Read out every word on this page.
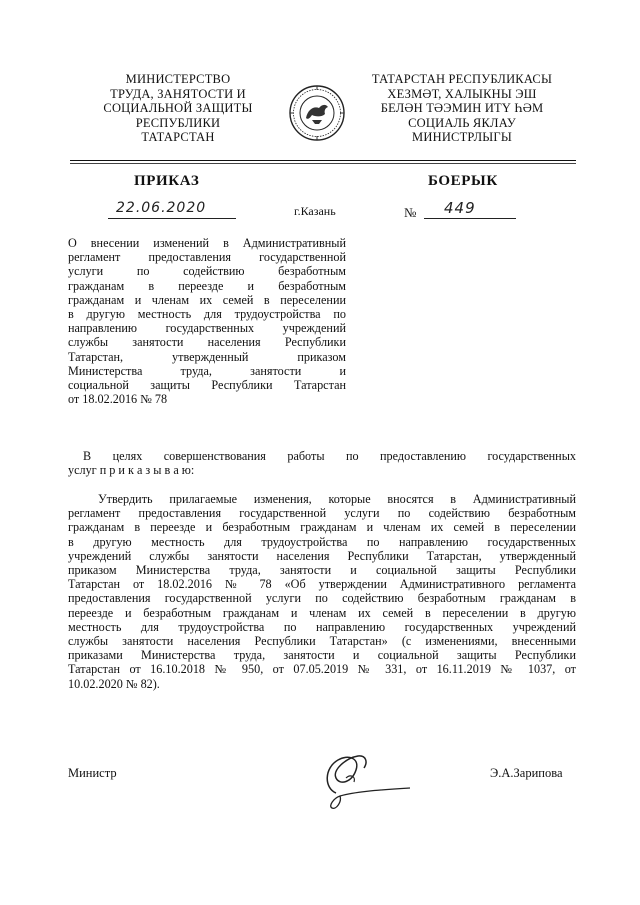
МИНИСТЕРСТВО
ТРУДА, ЗАНЯТОСТИ И
СОЦИАЛЬНОЙ ЗАЩИТЫ
РЕСПУБЛИКИ
ТАТАРСТАН
ТАТАРСТАН РЕСПУБЛИКАСЫ
ХЕЗМӘТ, ХАЛЫКНЫ ЭШ
БЕЛӘН ТӘЭМИН ИТҮ ҺӘМ
СОЦИАЛЬ ЯКЛАУ
МИНИСТРЛЫГЫ
ПРИКАЗ	БОЕРЫК
22.06.2020	г.Казань	№ 449
О внесении изменений в Административный
регламент предоставления государственной
услуги по содействию безработным
гражданам в переезде и безработным
гражданам и членам их семей в переселении
в другую местность для трудоустройства по
направлению государственных учреждений
службы занятости населения Республики
Татарстан, утвержденный приказом
Министерства труда, занятости и
социальной защиты Республики Татарстан
от 18.02.2016 № 78
В целях совершенствования работы по предоставлению государственных
услуг п р и к а з ы в а ю:
Утвердить прилагаемые изменения, которые вносятся в Административный
регламент предоставления государственной услуги по содействию безработным
гражданам в переезде и безработным гражданам и членам их семей в переселении
в другую местность для трудоустройства по направлению государственных
учреждений службы занятости населения Республики Татарстан, утвержденный
приказом Министерства труда, занятости и социальной защиты Республики
Татарстан от 18.02.2016 № 78 «Об утверждении Административного регламента
предоставления государственной услуги по содействию безработным гражданам в
переезде и безработным гражданам и членам их семей в переселении в другую
местность для трудоустройства по направлению государственных учреждений
службы занятости населения Республики Татарстан» (с изменениями, внесенными
приказами Министерства труда, занятости и социальной защиты Республики
Татарстан от 16.10.2018 № 950, от 07.05.2019 № 331, от 16.11.2019 № 1037, от
10.02.2020 № 82).
Министр	Э.А.Зарипова
